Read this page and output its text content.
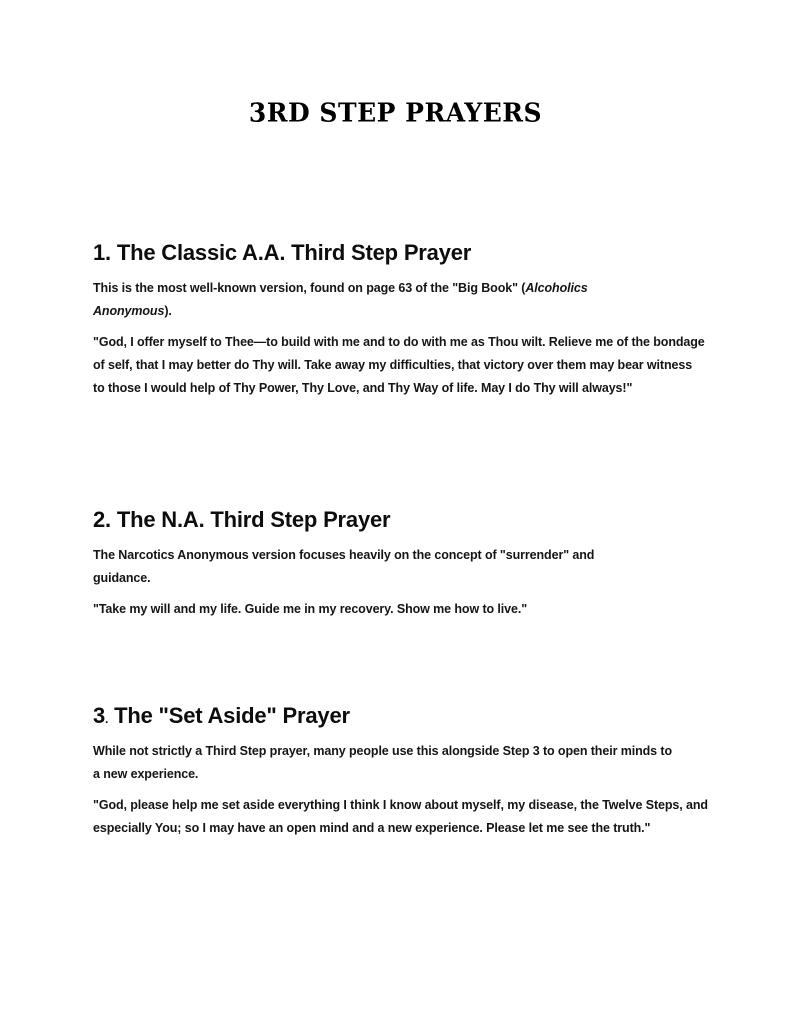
3RD STEP PRAYERS
1. The Classic A.A. Third Step Prayer

This is the most well-known version, found on page 63 of the "Big Book" (Alcoholics Anonymous).

"God, I offer myself to Thee—to build with me and to do with me as Thou wilt. Relieve me of the bondage of self, that I may better do Thy will. Take away my difficulties, that victory over them may bear witness to those I would help of Thy Power, Thy Love, and Thy Way of life. May I do Thy will always!"

2. The N.A. Third Step Prayer

The Narcotics Anonymous version focuses heavily on the concept of "surrender" and guidance.

"Take my will and my life. Guide me in my recovery. Show me how to live."

3. The "Set Aside" Prayer

While not strictly a Third Step prayer, many people use this alongside Step 3 to open their minds to a new experience.

"God, please help me set aside everything I think I know about myself, my disease, the Twelve Steps, and especially You; so I may have an open mind and a new experience. Please let me see the truth."
